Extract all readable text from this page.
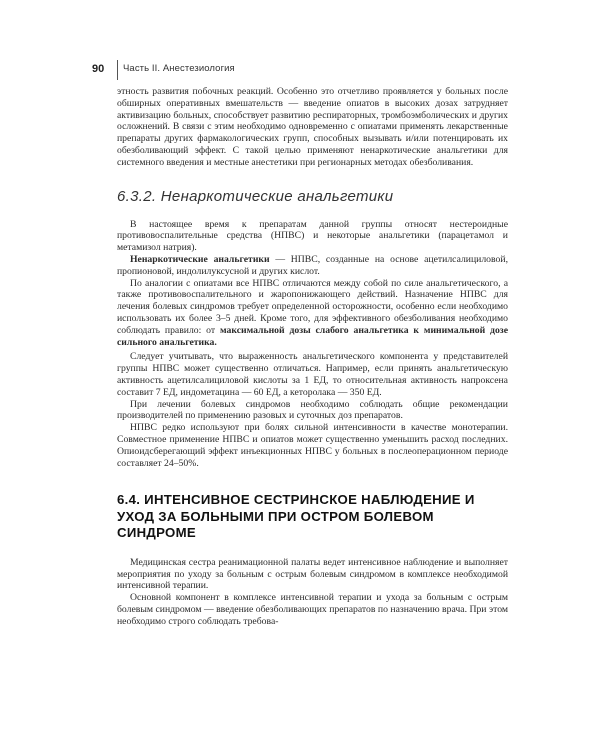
90	Часть II. Анестезиология

этность развития побочных реакций. Особенно это отчетливо проявляется у больных после обширных оперативных вмешательств — введение опиатов в высоких дозах затрудняет активизацию больных, способствует развитию респираторных, тромбоэмболических и других осложнений. В связи с этим необходимо одновременно с опиатами применять лекарственные препараты других фармакологических групп, способных вызывать и/или потенцировать их обезболивающий эффект. С такой целью применяют ненаркотические анальгетики для системного введения и местные анестетики при регионарных методах обезболивания.

6.3.2. Ненаркотические анальгетики

В настоящее время к препаратам данной группы относят нестероидные противовоспалительные средства (НПВС) и некоторые анальгетики (парацетамол и метамизол натрия).

Ненаркотические анальгетики — НПВС, созданные на основе ацетилсалициловой, пропионовой, индолилуксусной и других кислот.

По аналогии с опиатами все НПВС отличаются между собой по силе анальгетического, а также противовоспалительного и жаропонижающего действий. Назначение НПВС для лечения болевых синдромов требует определенной осторожности, особенно если необходимо использовать их более 3–5 дней. Кроме того, для эффективного обезболивания необходимо соблюдать правило: от максимальной дозы слабого анальгетика к минимальной дозе сильного анальгетика.

Следует учитывать, что выраженность анальгетического компонента у представителей группы НПВС может существенно отличаться. Например, если принять анальгетическую активность ацетилсалициловой кислоты за 1 ЕД, то относительная активность напроксена составит 7 ЕД, индометацина — 60 ЕД, а кеторолака — 350 ЕД.

При лечении болевых синдромов необходимо соблюдать общие рекомендации производителей по применению разовых и суточных доз препаратов.

НПВС редко используют при болях сильной интенсивности в качестве монотерапии. Совместное применение НПВС и опиатов может существенно уменьшить расход последних. Опиоидсберегающий эффект инъекционных НПВС у больных в послеоперационном периоде составляет 24–50%.

6.4. ИНТЕНСИВНОЕ СЕСТРИНСКОЕ НАБЛЮДЕНИЕ И УХОД ЗА БОЛЬНЫМИ ПРИ ОСТРОМ БОЛЕВОМ СИНДРОМЕ

Медицинская сестра реанимационной палаты ведет интенсивное наблюдение и выполняет мероприятия по уходу за больным с острым болевым синдромом в комплексе необходимой интенсивной терапии.

Основной компонент в комплексе интенсивной терапии и ухода за больным с острым болевым синдромом — введение обезболивающих препаратов по назначению врача. При этом необходимо строго соблюдать требова-
